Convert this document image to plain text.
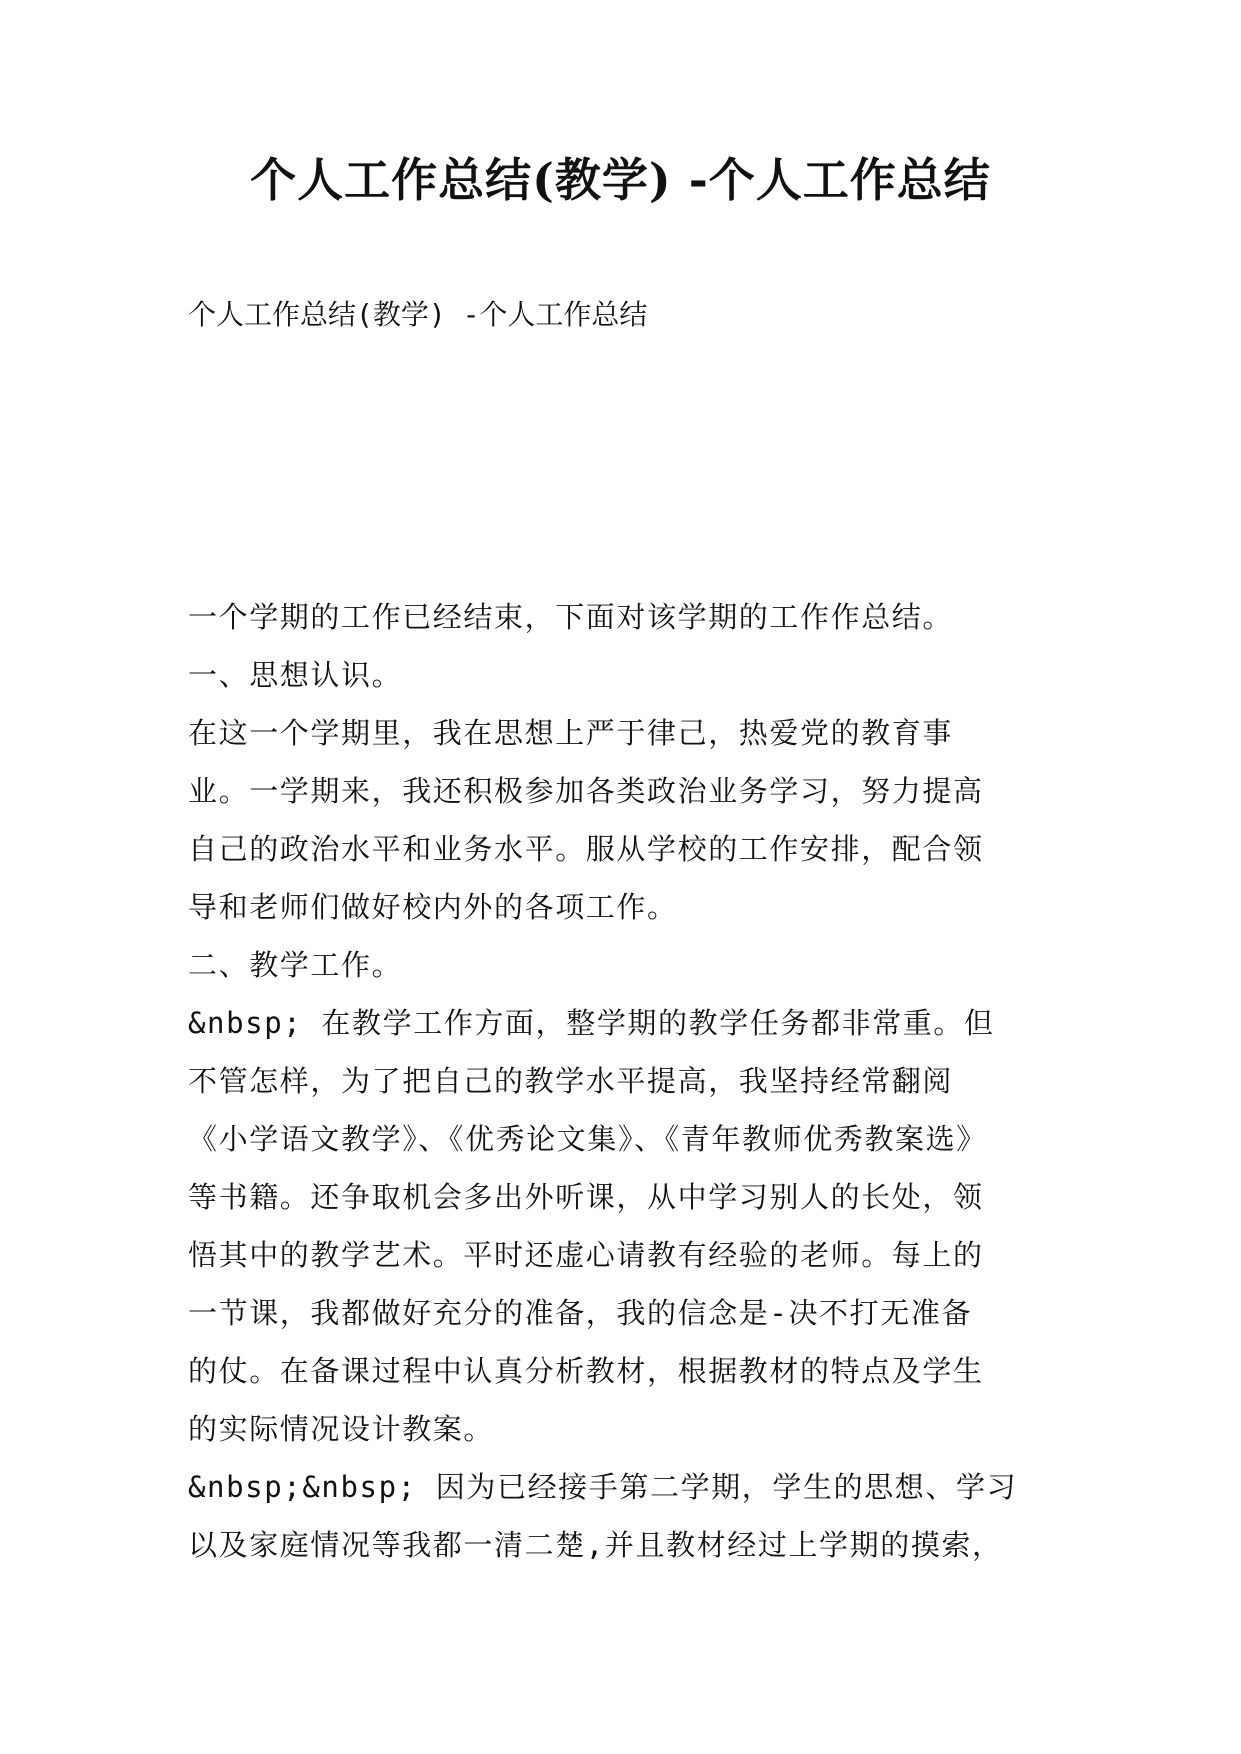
个人工作总结(教学) -个人工作总结

个人工作总结(教学) -个人工作总结

一个学期的工作已经结束，下面对该学期的工作作总结。
一、思想认识。
在这一个学期里，我在思想上严于律己，热爱党的教育事
业。一学期来，我还积极参加各类政治业务学习，努力提高
自己的政治水平和业务水平。服从学校的工作安排，配合领
导和老师们做好校内外的各项工作。
二、教学工作。
&nbsp; 在教学工作方面，整学期的教学任务都非常重。但
不管怎样，为了把自己的教学水平提高，我坚持经常翻阅
《小学语文教学》、《优秀论文集》、《青年教师优秀教案选》
等书籍。还争取机会多出外听课，从中学习别人的长处，领
悟其中的教学艺术。平时还虚心请教有经验的老师。每上的
一节课，我都做好充分的准备，我的信念是-决不打无准备
的仗。在备课过程中认真分析教材，根据教材的特点及学生
的实际情况设计教案。
&nbsp;&nbsp; 因为已经接手第二学期，学生的思想、学习
以及家庭情况等我都一清二楚,并且教材经过上学期的摸索，
